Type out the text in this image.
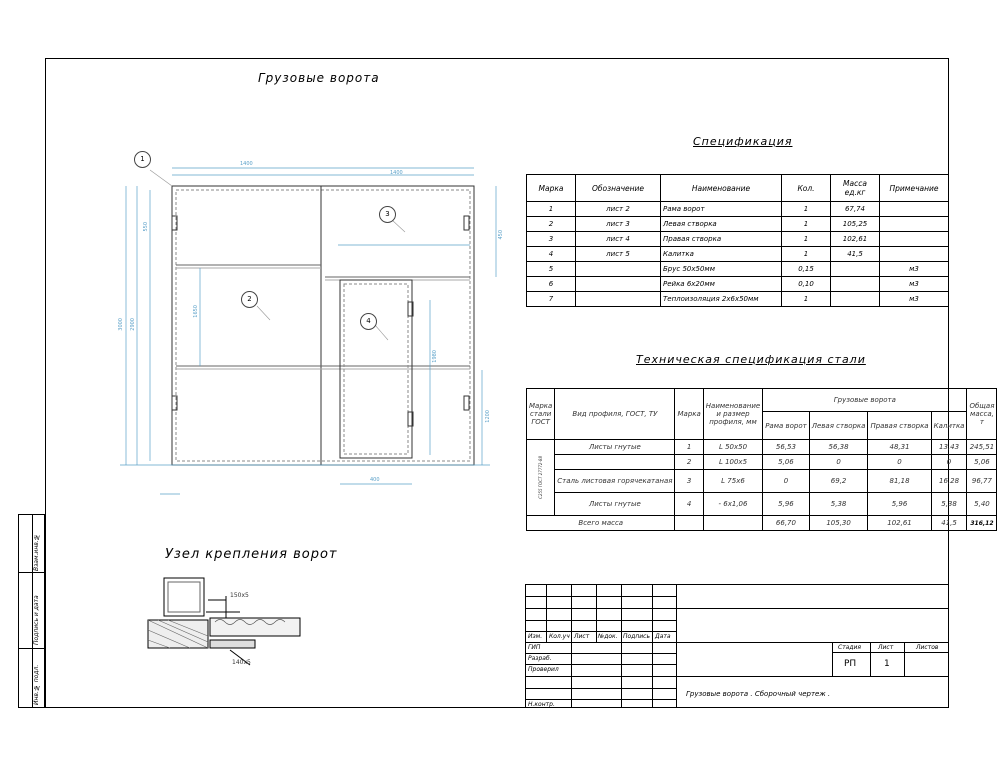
Взам.инв.№
Подпись и дата
Инв.№ подл.
Грузовые ворота
Узел крепления ворот
Спецификация
Техническая спецификация стали
150х5
140х5
1400
1400
3000 2900
550
1650
450
1200
400
1980
1
2
3
4
Марка	Обозначение	Наименование	Кол.	Масса ед.кг	Примечание
1	лист 2	Рама ворот	1	67,74	
2	лист 3	Левая створка	1	105,25	
3	лист 4	Правая створка	1	102,61	
4	лист 5	Калитка	1	41,5	
5		Брус 50х50мм	0,15		м3
6		Рейка 6х20мм	0,10		м3
7		Теплоизоляция 2х6х50мм	1		м3
Марка стали ГОСТ	Вид профиля, ГОСТ, ТУ	Марка	Наименование и размер профиля, мм	Грузовые ворота				Общая масса, т
				Рама ворот	Левая створка	Правая створка	Калитка	

С255 ГОСТ 27772-88	Листы гнутые	1	L 50х50	56,53	56,38	48,31	13,43	245,51
		2	L 100х5	5,06	0	0	0	5,06
	Сталь листовая горячекатаная	3	L 75х6	0	69,2	81,18	16,28	96,77
	Листы гнутые	4	- 6х1,06	5,96	5,38	5,96	5,38	5,40
Всего масса				66,70	105,30	102,61	41,5	316,12
Изм. Кол.уч Лист №док. Подпись Дата
ГИП
Разраб.
Проверил
Н.контр.
Стадия	Лист	Листов
РП	1
Грузовые ворота . Сборочный чертеж .
